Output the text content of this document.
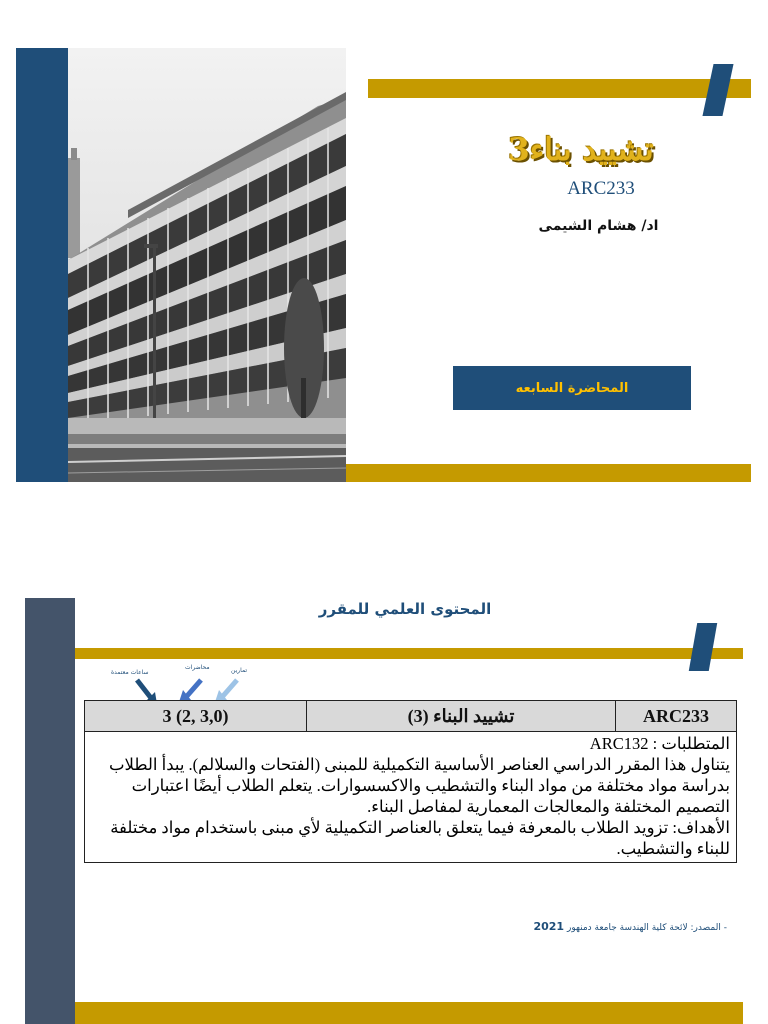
تشييد بناء3
ARC233
اد/ هشام الشيمى
المحاضرة السابعه
المحتوى العلمي للمقرر
ساعات معتمدة
محاضرات	تمارين
ARC233	تشييد البناء (3)	3 (2, 3,0)

المتطلبات : ARC132

يتناول هذا المقرر الدراسي العناصر الأساسية التكميلية للمبنى (الفتحات والسلالم). يبدأ الطلاب بدراسة مواد مختلفة من مواد البناء والتشطيب والاكسسوارات. يتعلم الطلاب أيضًا اعتبارات التصميم المختلفة والمعالجات المعمارية لمفاصل البناء.

الأهداف: تزويد الطلاب بالمعرفة فيما يتعلق بالعناصر التكميلية لأي مبنى باستخدام مواد مختلفة للبناء والتشطيب.

- المصدر: لائحة كلية الهندسة جامعة دمنهور 2021
